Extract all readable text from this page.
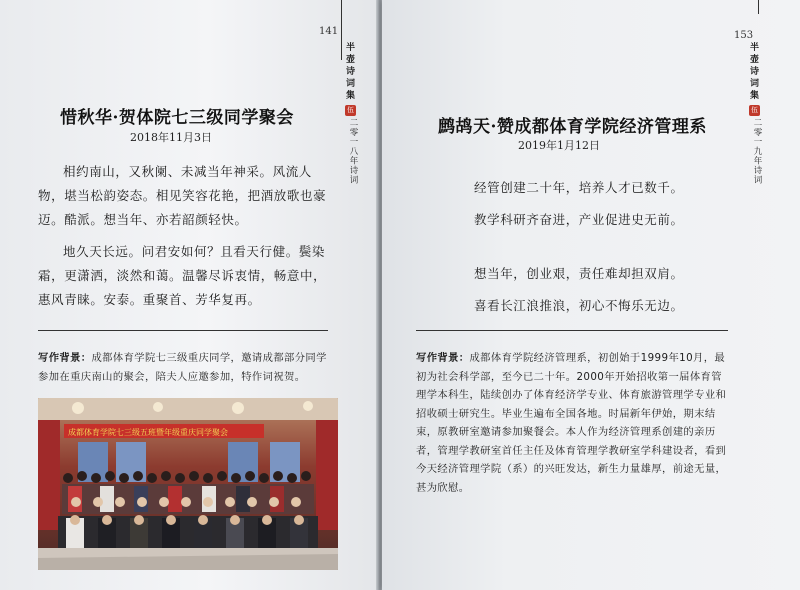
141
惜秋华·贺体院七三级同学聚会
2018年11月3日

相约南山，又秋阑、未减当年神采。风流人物，堪当松韵姿态。相见笑容花艳，把酒放歌也豪迈。酷派。想当年、亦若韶颜轻快。

地久天长远。问君安如何？且看天行健。鬓染霜，更潇洒，淡然和蔼。温馨尽诉衷情，畅意中，惠风青睐。安泰。重聚首、芳华复再。

写作背景：成都体育学院七三级重庆同学，邀请成都部分同学参加在重庆南山的聚会，陪夫人应邀参加，特作词祝贺。
成都体育学院七三级五班暨年级重庆同学聚会
153
半
壶
诗
词
集
伍
二零一九年诗词
鹧鸪天·赞成都体育学院经济管理系
2019年1月12日

经管创建二十年，培养人才已数千。

教学科研齐奋进，产业促进史无前。

想当年，创业艰，责任难却担双肩。

喜看长江浪推浪，初心不悔乐无边。

写作背景：成都体育学院经济管理系，初创始于1999年10月，最初为社会科学部，至今已二十年。2000年开始招收第一届体育管理学本科生，陆续创办了体育经济学专业、体育旅游管理学专业和招收硕士研究生。毕业生遍布全国各地。时届新年伊始，期末结束，原教研室邀请参加聚餐会。本人作为经济管理系创建的亲历者，管理学教研室首任主任及体育管理学教研室学科建设者，看到今天经济管理学院（系）的兴旺发达，新生力量雄厚，前途无量，甚为欣慰。
半
壶
诗
词
集
伍
二零一八年诗词
